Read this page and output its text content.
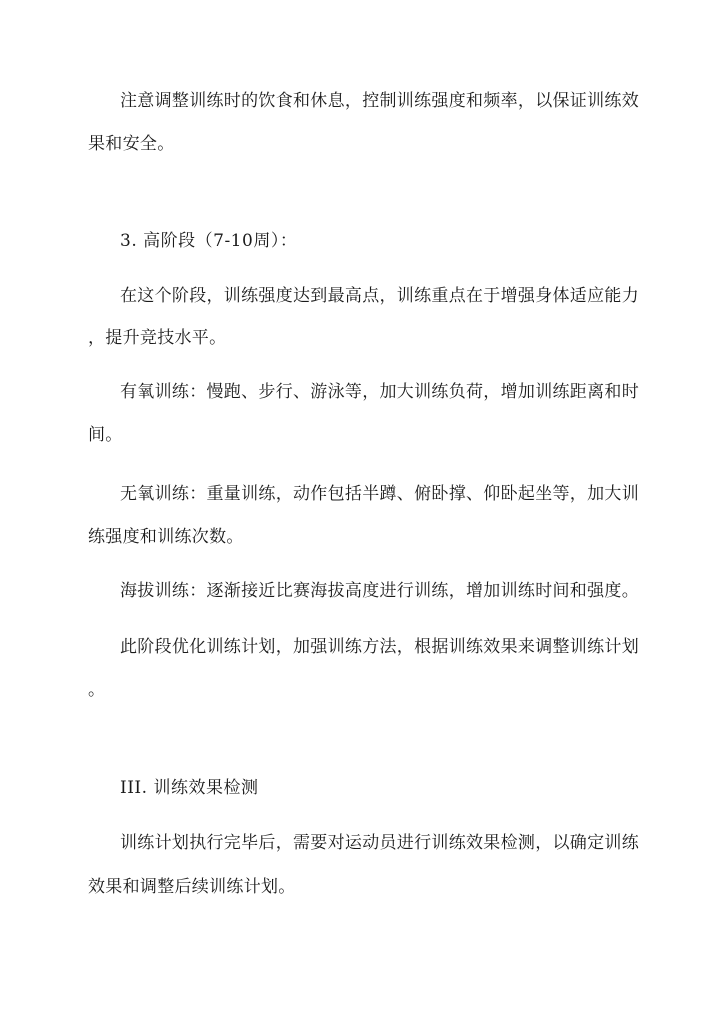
注意调整训练时的饮食和休息，控制训练强度和频率，以保证训练效
果和安全。
3. 高阶段（7-10周）：
在这个阶段，训练强度达到最高点，训练重点在于增强身体适应能力
，提升竞技水平。
有氧训练：慢跑、步行、游泳等，加大训练负荷，增加训练距离和时
间。
无氧训练：重量训练，动作包括半蹲、俯卧撑、仰卧起坐等，加大训
练强度和训练次数。
海拔训练：逐渐接近比赛海拔高度进行训练，增加训练时间和强度。
此阶段优化训练计划，加强训练方法，根据训练效果来调整训练计划
。
III. 训练效果检测
训练计划执行完毕后，需要对运动员进行训练效果检测，以确定训练
效果和调整后续训练计划。
